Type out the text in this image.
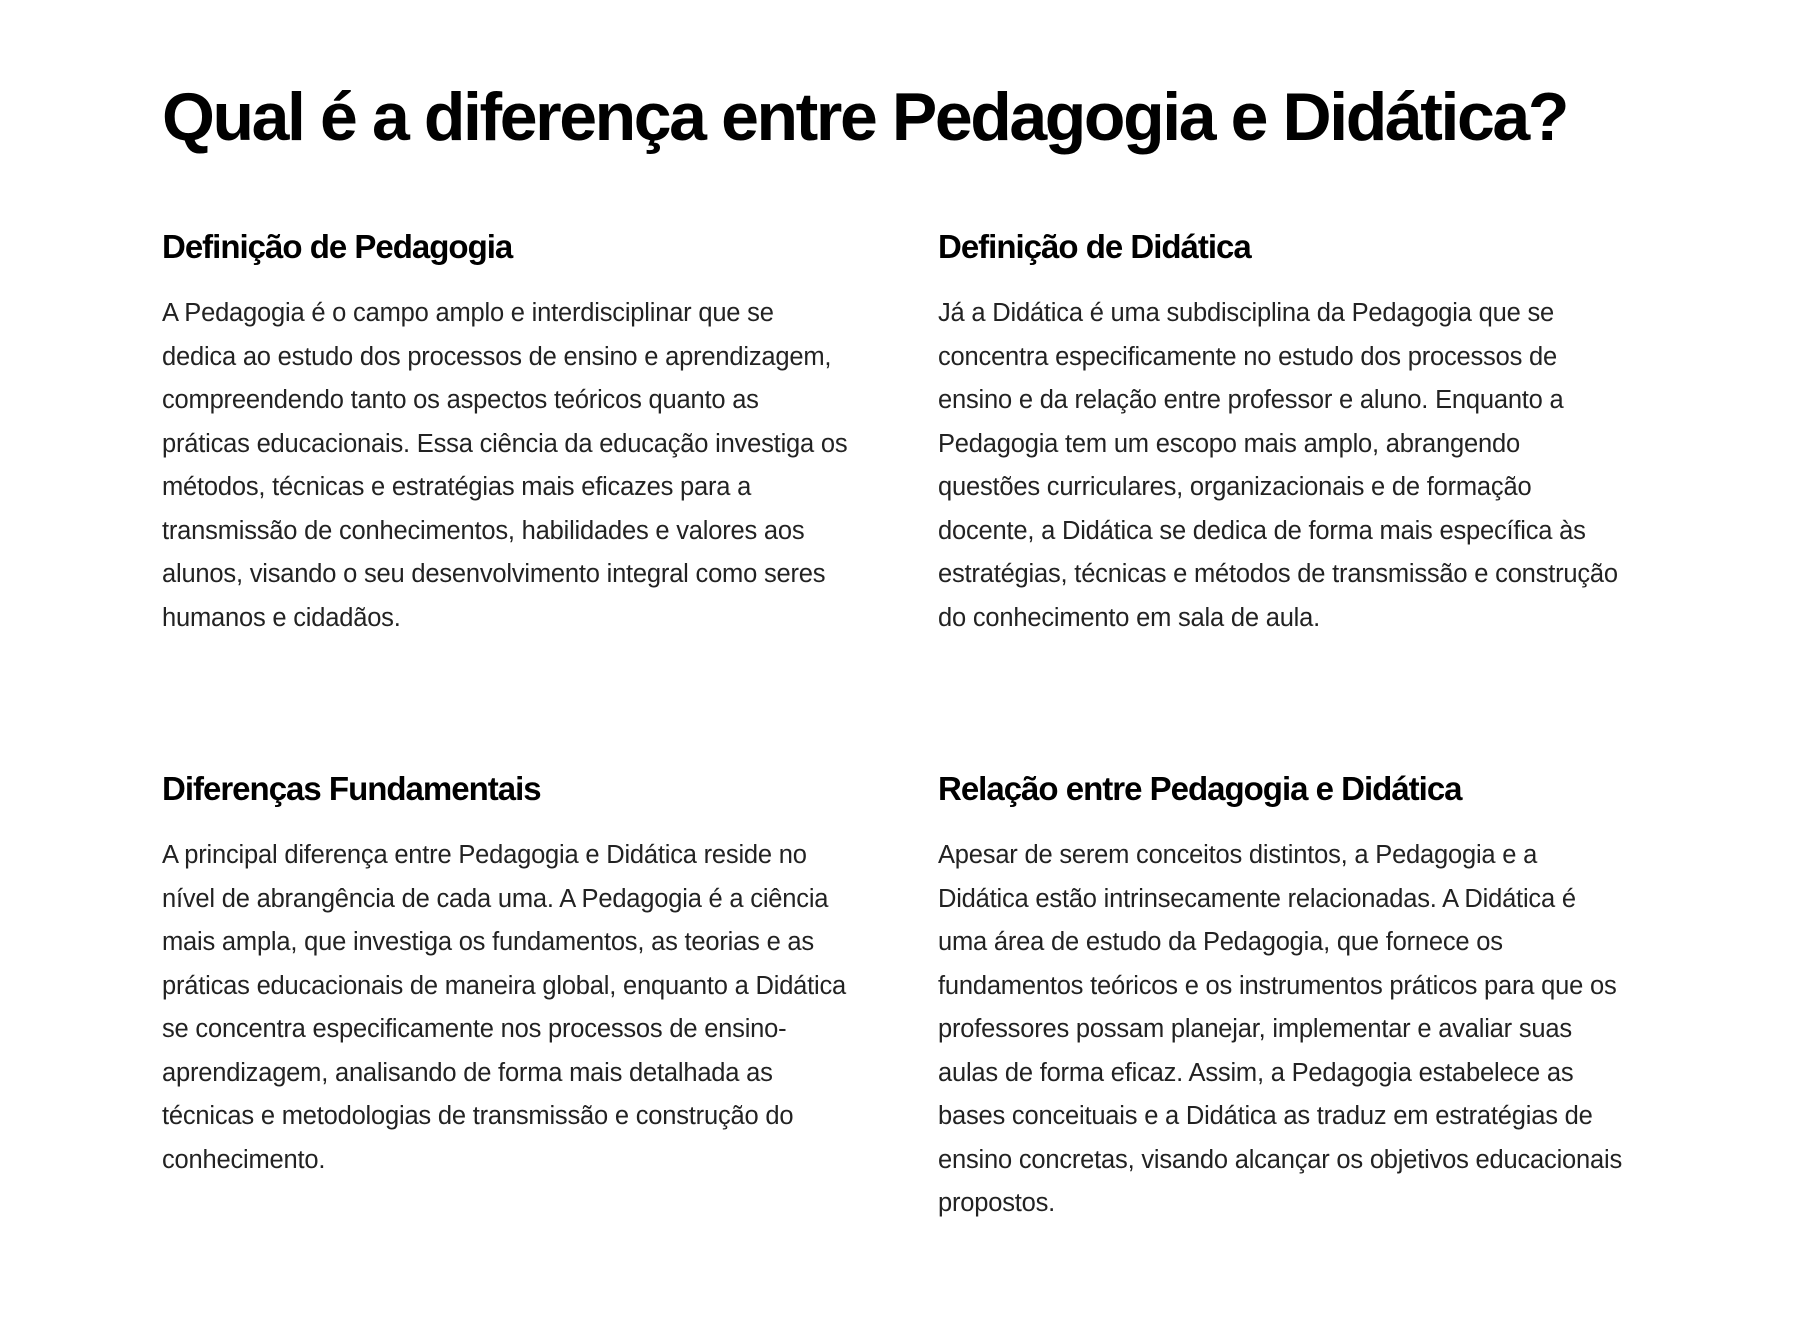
Qual é a diferença entre Pedagogia e Didática?
Definição de Pedagogia

A Pedagogia é o campo amplo e interdisciplinar que se dedica ao estudo dos processos de ensino e aprendizagem, compreendendo tanto os aspectos teóricos quanto as práticas educacionais. Essa ciência da educação investiga os métodos, técnicas e estratégias mais eficazes para a transmissão de conhecimentos, habilidades e valores aos alunos, visando o seu desenvolvimento integral como seres humanos e cidadãos.

Definição de Didática

Já a Didática é uma subdisciplina da Pedagogia que se concentra especificamente no estudo dos processos de ensino e da relação entre professor e aluno. Enquanto a Pedagogia tem um escopo mais amplo, abrangendo questões curriculares, organizacionais e de formação docente, a Didática se dedica de forma mais específica às estratégias, técnicas e métodos de transmissão e construção do conhecimento em sala de aula.

Diferenças Fundamentais

A principal diferença entre Pedagogia e Didática reside no nível de abrangência de cada uma. A Pedagogia é a ciência mais ampla, que investiga os fundamentos, as teorias e as práticas educacionais de maneira global, enquanto a Didática se concentra especificamente nos processos de ensino-aprendizagem, analisando de forma mais detalhada as técnicas e metodologias de transmissão e construção do conhecimento.

Relação entre Pedagogia e Didática

Apesar de serem conceitos distintos, a Pedagogia e a Didática estão intrinsecamente relacionadas. A Didática é uma área de estudo da Pedagogia, que fornece os fundamentos teóricos e os instrumentos práticos para que os professores possam planejar, implementar e avaliar suas aulas de forma eficaz. Assim, a Pedagogia estabelece as bases conceituais e a Didática as traduz em estratégias de ensino concretas, visando alcançar os objetivos educacionais propostos.
